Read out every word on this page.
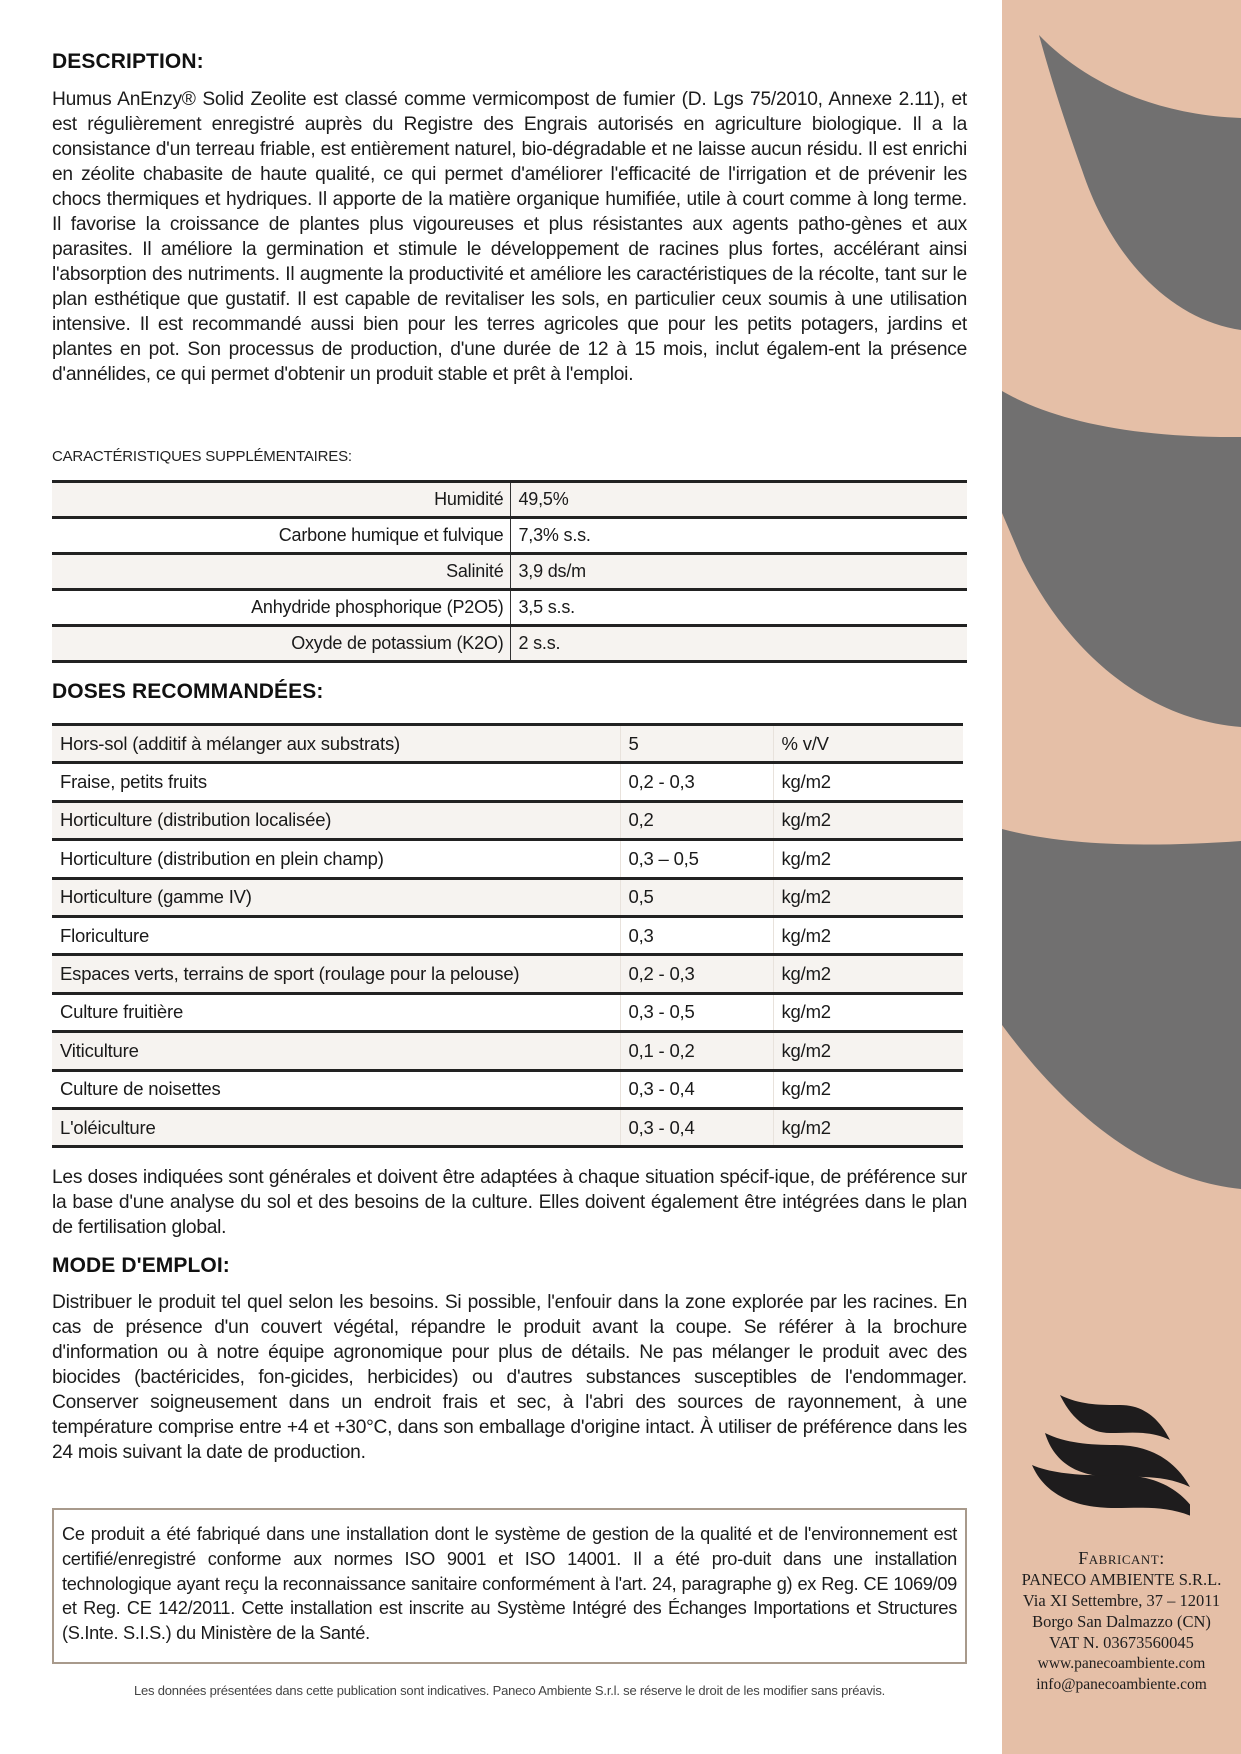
DESCRIPTION:

Humus AnEnzy® Solid Zeolite est classé comme vermicompost de fumier (D. Lgs 75/2010, Annexe 2.11), et est régulièrement enregistré auprès du Registre des Engrais autorisés en agriculture biologique. Il a la consistance d'un terreau friable, est entièrement naturel, bio-dégradable et ne laisse aucun résidu. Il est enrichi en zéolite chabasite de haute qualité, ce qui permet d'améliorer l'efficacité de l'irrigation et de prévenir les chocs thermiques et hydriques. Il apporte de la matière organique humifiée, utile à court comme à long terme. Il favorise la croissance de plantes plus vigoureuses et plus résistantes aux agents patho-gènes et aux parasites. Il améliore la germination et stimule le développement de racines plus fortes, accélérant ainsi l'absorption des nutriments. Il augmente la productivité et améliore les caractéristiques de la récolte, tant sur le plan esthétique que gustatif. Il est capable de revitaliser les sols, en particulier ceux soumis à une utilisation intensive. Il est recommandé aussi bien pour les terres agricoles que pour les petits potagers, jardins et plantes en pot. Son processus de production, d'une durée de 12 à 15 mois, inclut égalem-ent la présence d'annélides, ce qui permet d'obtenir un produit stable et prêt à l'emploi.

CARACTÉRISTIQUES SUPPLÉMENTAIRES:
Humidité	49,5%
Carbone humique et fulvique	7,3% s.s.
Salinité	3,9 ds/m
Anhydride phosphorique (P2O5)	3,5 s.s.
Oxyde de potassium (K2O)	2 s.s.
DOSES RECOMMANDÉES:
Hors-sol (additif à mélanger aux substrats)	5	% v/V
Fraise, petits fruits	0,2 - 0,3	kg/m2
Horticulture (distribution localisée)	0,2	kg/m2
Horticulture (distribution en plein champ)	0,3 – 0,5	kg/m2
Horticulture (gamme IV)	0,5	kg/m2
Floriculture	0,3	kg/m2
Espaces verts, terrains de sport (roulage pour la pelouse)	0,2 - 0,3	kg/m2
Culture fruitière	0,3 - 0,5	kg/m2
Viticulture	0,1 - 0,2	kg/m2
Culture de noisettes	0,3 - 0,4	kg/m2
L'oléiculture	0,3 - 0,4	kg/m2

Les doses indiquées sont générales et doivent être adaptées à chaque situation spécif-ique, de préférence sur la base d'une analyse du sol et des besoins de la culture. Elles doivent également être intégrées dans le plan de fertilisation global.

MODE D'EMPLOI:

Distribuer le produit tel quel selon les besoins. Si possible, l'enfouir dans la zone explorée par les racines. En cas de présence d'un couvert végétal, répandre le produit avant la coupe. Se référer à la brochure d'information ou à notre équipe agronomique pour plus de détails. Ne pas mélanger le produit avec des biocides (bactéricides, fon-gicides, herbicides) ou d'autres substances susceptibles de l'endommager. Conserver soigneusement dans un endroit frais et sec, à l'abri des sources de rayonnement, à une température comprise entre +4 et +30°C, dans son emballage d'origine intact. À utiliser de préférence dans les 24 mois suivant la date de production.

Ce produit a été fabriqué dans une installation dont le système de gestion de la qualité et de l'environnement est certifié/enregistré conforme aux normes ISO 9001 et ISO 14001. Il a été pro-duit dans une installation technologique ayant reçu la reconnaissance sanitaire conformément à l'art. 24, paragraphe g) ex Reg. CE 1069/09 et Reg. CE 142/2011. Cette installation est inscrite au Système Intégré des Échanges Importations et Structures (S.Inte. S.I.S.) du Ministère de la Santé.

Les données présentées dans cette publication sont indicatives. Paneco Ambiente S.r.l. se réserve le droit de les modifier sans préavis.
Fabricant:
PANECO AMBIENTE S.R.L.
Via XI Settembre, 37 – 12011
Borgo San Dalmazzo (CN)
VAT N. 03673560045
www.panecoambiente.com
info@panecoambiente.com
